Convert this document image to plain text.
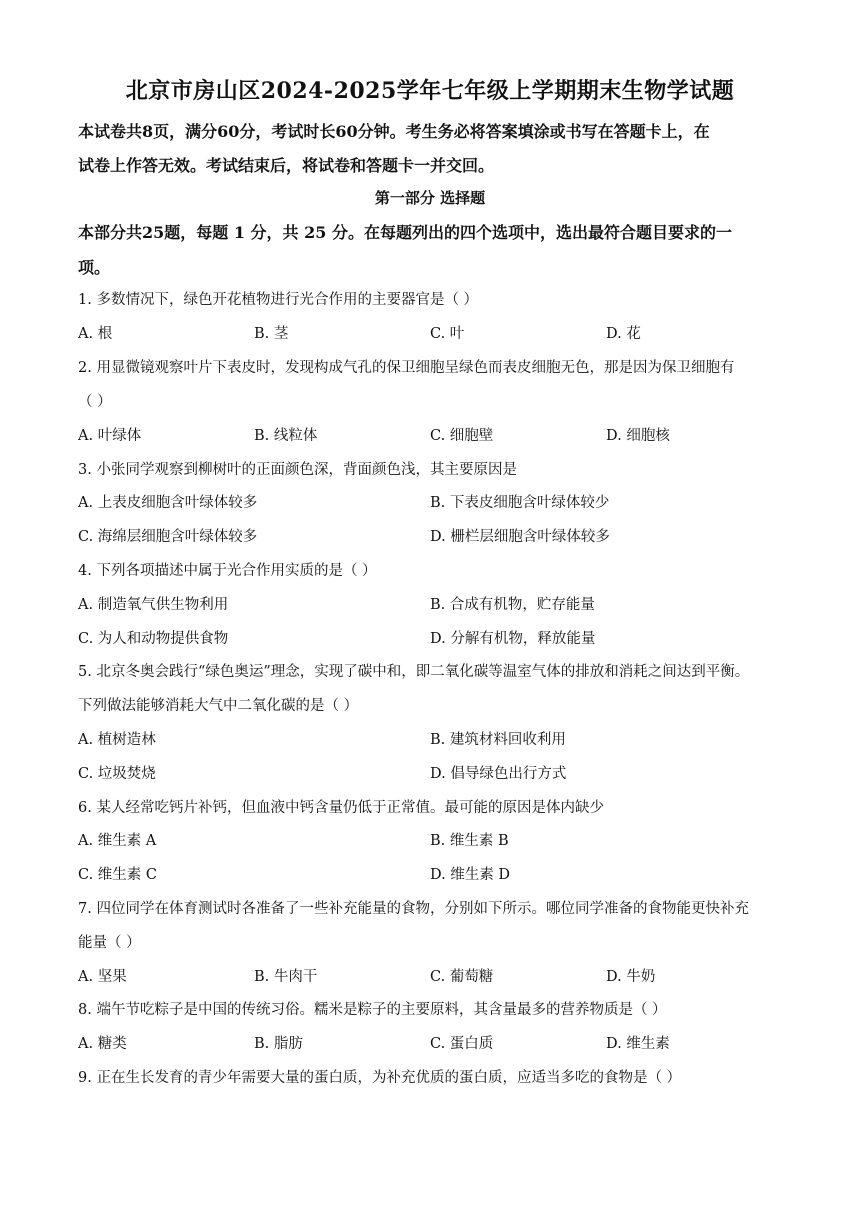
北京市房山区2024-2025学年七年级上学期期末生物学试题
本试卷共8页，满分60分，考试时长60分钟。考生务必将答案填涂或书写在答题卡上，在
试卷上作答无效。考试结束后，将试卷和答题卡一并交回。
第一部分 选择题
本部分共25题，每题 1 分，共 25 分。在每题列出的四个选项中，选出最符合题目要求的一
项。
1. 多数情况下，绿色开花植物进行光合作用的主要器官是（ ）
A. 根	B. 茎	C. 叶	D. 花
2. 用显微镜观察叶片下表皮时，发现构成气孔的保卫细胞呈绿色而表皮细胞无色，那是因为保卫细胞有
（ ）
A. 叶绿体	B. 线粒体	C. 细胞壁	D. 细胞核
3. 小张同学观察到柳树叶的正面颜色深，背面颜色浅，其主要原因是
A. 上表皮细胞含叶绿体较多	B. 下表皮细胞含叶绿体较少
C. 海绵层细胞含叶绿体较多	D. 栅栏层细胞含叶绿体较多
4. 下列各项描述中属于光合作用实质的是（ ）
A. 制造氧气供生物利用	B. 合成有机物，贮存能量
C. 为人和动物提供食物	D. 分解有机物，释放能量
5. 北京冬奥会践行“绿色奥运”理念，实现了碳中和，即二氧化碳等温室气体的排放和消耗之间达到平衡。
下列做法能够消耗大气中二氧化碳的是（ ）
A. 植树造林	B. 建筑材料回收利用
C. 垃圾焚烧	D. 倡导绿色出行方式
6. 某人经常吃钙片补钙，但血液中钙含量仍低于正常值。最可能的原因是体内缺少
A. 维生素 A	B. 维生素 B
C. 维生素 C	D. 维生素 D
7. 四位同学在体育测试时各准备了一些补充能量的食物，分别如下所示。哪位同学准备的食物能更快补充
能量（ ）
A. 坚果	B. 牛肉干	C. 葡萄糖	D. 牛奶
8. 端午节吃粽子是中国的传统习俗。糯米是粽子的主要原料，其含量最多的营养物质是（ ）
A. 糖类	B. 脂肪	C. 蛋白质	D. 维生素
9. 正在生长发育的青少年需要大量的蛋白质，为补充优质的蛋白质，应适当多吃的食物是（ ）
